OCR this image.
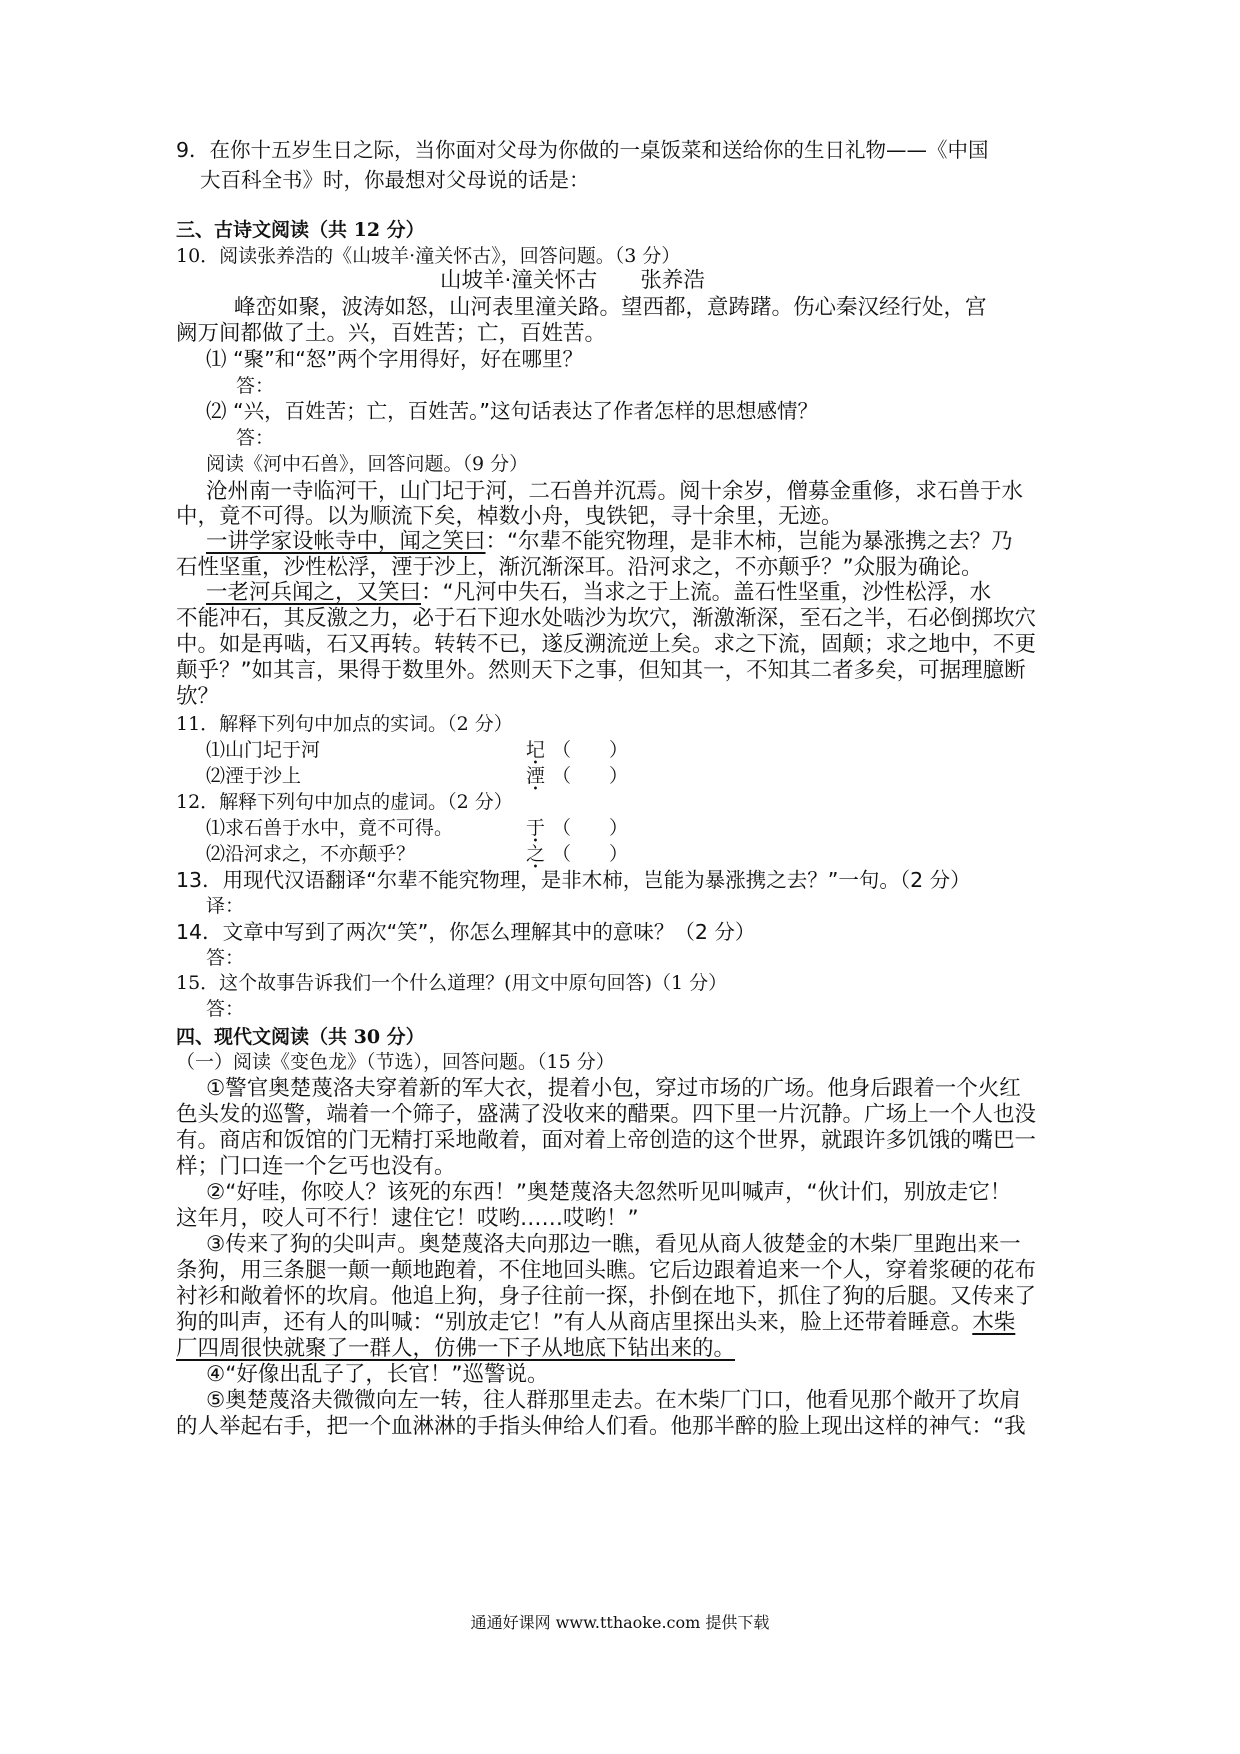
9．在你十五岁生日之际，当你面对父母为你做的一桌饭菜和送给你的生日礼物——《中国
大百科全书》时，你最想对父母说的话是：
三、古诗文阅读（共 12 分）
10．阅读张养浩的《山坡羊·潼关怀古》，回答问题。（3 分）
山坡羊·潼关怀古　　张养浩
峰峦如聚，波涛如怒，山河表里潼关路。望西都，意踌躇。伤心秦汉经行处，宫
阙万间都做了土。兴，百姓苦；亡，百姓苦。
⑴ “聚”和“怒”两个字用得好，好在哪里？
答：
⑵ “兴，百姓苦；亡，百姓苦。”这句话表达了作者怎样的思想感情？
答：
阅读《河中石兽》，回答问题。（9 分）
沧州南一寺临河干，山门圮于河，二石兽并沉焉。阅十余岁，僧募金重修，求石兽于水
中，竟不可得。以为顺流下矣，棹数小舟，曳铁钯，寻十余里，无迹。
一讲学家设帐寺中，闻之笑曰：“尔辈不能究物理，是非木柿，岂能为暴涨携之去？乃
石性坚重，沙性松浮，湮于沙上，渐沉渐深耳。沿河求之，不亦颠乎？”众服为确论。
一老河兵闻之，又笑曰：“凡河中失石，当求之于上流。盖石性坚重，沙性松浮，水
不能冲石，其反激之力，必于石下迎水处啮沙为坎穴，渐激渐深，至石之半，石必倒掷坎穴
中。如是再啮，石又再转。转转不已，遂反溯流逆上矣。求之下流，固颠；求之地中，不更
颠乎？”如其言，果得于数里外。然则天下之事，但知其一，不知其二者多矣，可据理臆断
欤？
11．解释下列句中加点的实词。（2 分）
⑴山门圮于河	圮 （　　）
⑵湮于沙上	湮 （　　）
12．解释下列句中加点的虚词。（2 分）
⑴求石兽于水中，竟不可得。	于 （　　）
⑵沿河求之，不亦颠乎？	之 （　　）
13．用现代汉语翻译“尔辈不能究物理，是非木柿，岂能为暴涨携之去？”一句。（2 分）
译：
14．文章中写到了两次“笑”，你怎么理解其中的意味？（2 分）
答：
15．这个故事告诉我们一个什么道理？(用文中原句回答)（1 分）
答：
四、现代文阅读（共 30 分）
（一）阅读《变色龙》（节选），回答问题。（15 分）
①警官奥楚蔑洛夫穿着新的军大衣，提着小包，穿过市场的广场。他身后跟着一个火红
色头发的巡警，端着一个筛子，盛满了没收来的醋栗。四下里一片沉静。广场上一个人也没
有。商店和饭馆的门无精打采地敞着，面对着上帝创造的这个世界，就跟许多饥饿的嘴巴一
样；门口连一个乞丐也没有。
②“好哇，你咬人？该死的东西！”奥楚蔑洛夫忽然听见叫喊声，“伙计们，别放走它！
这年月，咬人可不行！逮住它！哎哟……哎哟！”
③传来了狗的尖叫声。奥楚蔑洛夫向那边一瞧，看见从商人彼楚金的木柴厂里跑出来一
条狗，用三条腿一颠一颠地跑着，不住地回头瞧。它后边跟着追来一个人，穿着浆硬的花布
衬衫和敞着怀的坎肩。他追上狗，身子往前一探，扑倒在地下，抓住了狗的后腿。又传来了
狗的叫声，还有人的叫喊：“别放走它！”有人从商店里探出头来，脸上还带着睡意。木柴
厂四周很快就聚了一群人，仿佛一下子从地底下钻出来的。
④“好像出乱子了，长官！”巡警说。
⑤奥楚蔑洛夫微微向左一转，往人群那里走去。在木柴厂门口，他看见那个敞开了坎肩
的人举起右手，把一个血淋淋的手指头伸给人们看。他那半醉的脸上现出这样的神气：“我
通通好课网 www.tthaoke.com 提供下载
